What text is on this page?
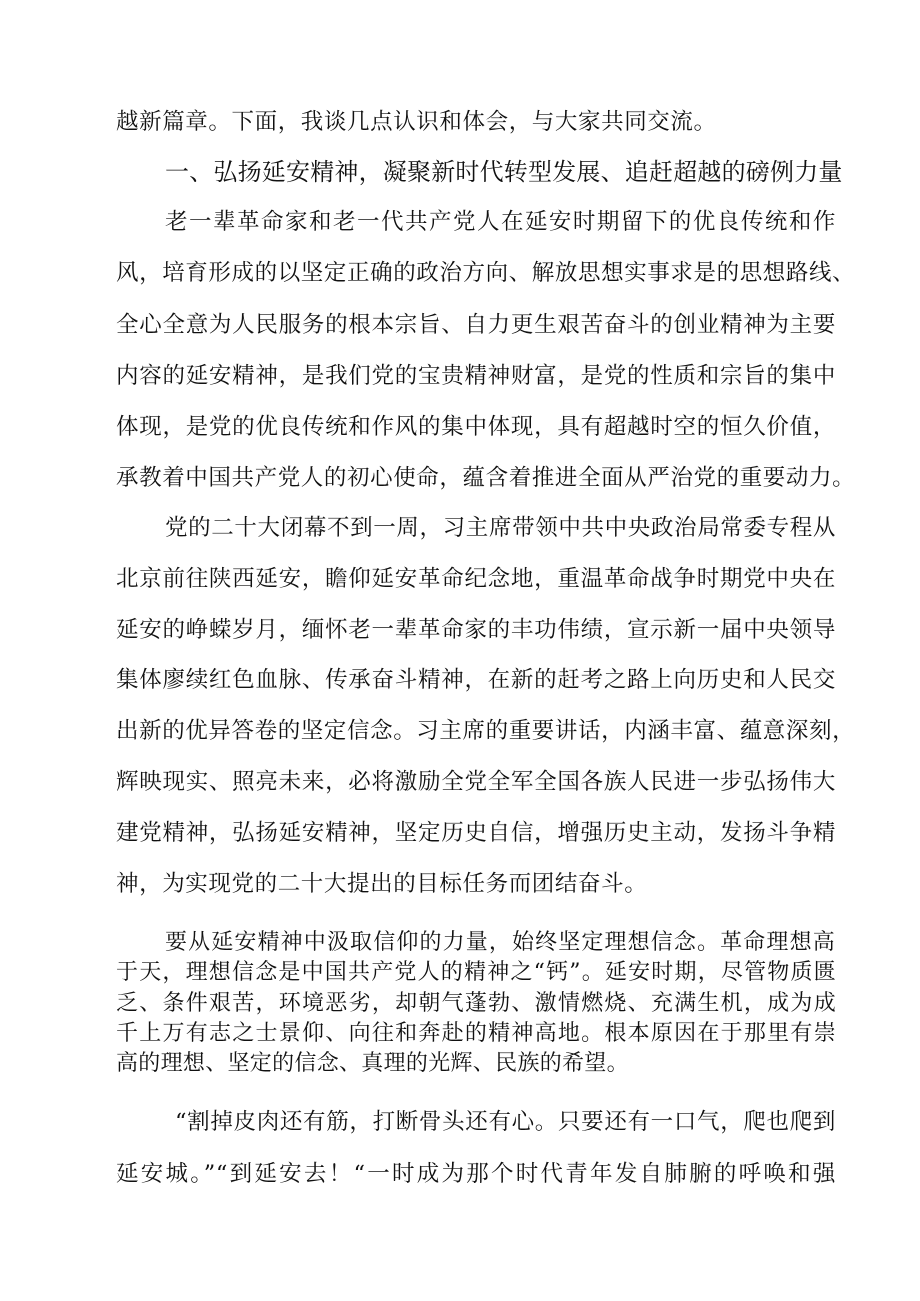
越新篇章。下面，我谈几点认识和体会，与大家共同交流。
一、弘扬延安精神，凝聚新时代转型发展、追赶超越的磅例力量
老一辈革命家和老一代共产党人在延安时期留下的优良传统和作
风，培育形成的以坚定正确的政治方向、解放思想实事求是的思想路线、
全心全意为人民服务的根本宗旨、自力更生艰苦奋斗的创业精神为主要
内容的延安精神，是我们党的宝贵精神财富，是党的性质和宗旨的集中
体现，是党的优良传统和作风的集中体现，具有超越时空的恒久价值，
承教着中国共产党人的初心使命，蕴含着推进全面从严治党的重要动力。
党的二十大闭幕不到一周，习主席带领中共中央政治局常委专程从
北京前往陕西延安，瞻仰延安革命纪念地，重温革命战争时期党中央在
延安的峥蝾岁月，缅怀老一辈革命家的丰功伟绩，宣示新一届中央领导
集体廖续红色血脉、传承奋斗精神，在新的赶考之路上向历史和人民交
出新的优异答卷的坚定信念。习主席的重要讲话，内涵丰富、蕴意深刻，
辉映现实、照亮未来，必将激励全党全军全国各族人民进一步弘扬伟大
建党精神，弘扬延安精神，坚定历史自信，增强历史主动，发扬斗争精
神，为实现党的二十大提出的目标任务而团结奋斗。
要从延安精神中汲取信仰的力量，始终坚定理想信念。革命理想高
于天，理想信念是中国共产党人的精神之“钙”。延安时期，尽管物质匮
乏、条件艰苦，环境恶劣，却朝气蓬勃、激情燃烧、充满生机，成为成
千上万有志之士景仰、向往和奔赴的精神高地。根本原因在于那里有崇
高的理想、坚定的信念、真理的光辉、民族的希望。
“割掉皮肉还有筋，打断骨头还有心。只要还有一口气，爬也爬到
延安城。”“到延安去！“一时成为那个时代青年发自肺腑的呼唤和强
